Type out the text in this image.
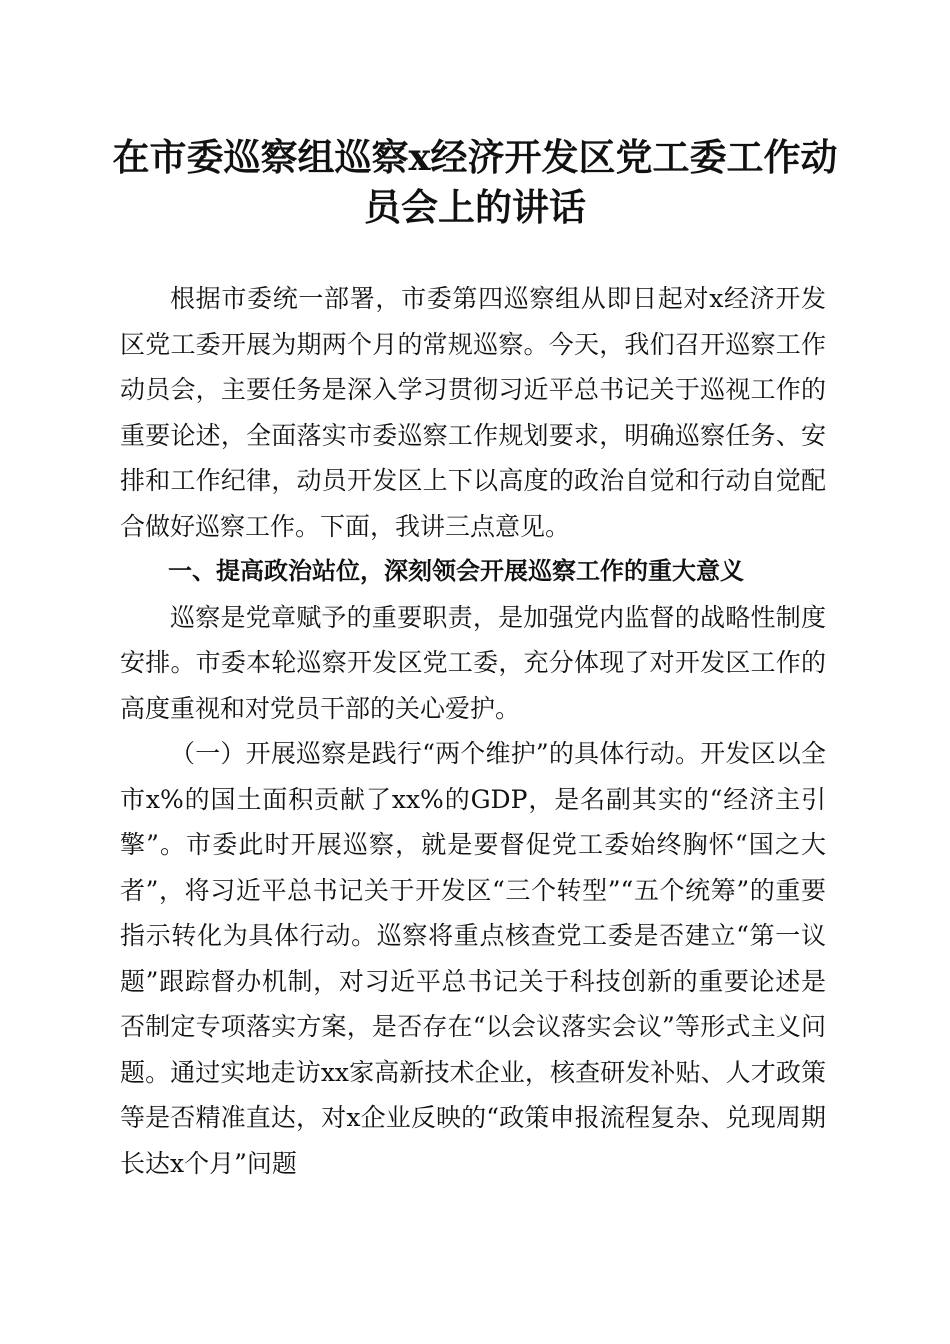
在市委巡察组巡察x经济开发区党工委工作动员会上的讲话

根据市委统一部署，市委第四巡察组从即日起对x经济开发区党工委开展为期两个月的常规巡察。今天，我们召开巡察工作动员会，主要任务是深入学习贯彻习近平总书记关于巡视工作的重要论述，全面落实市委巡察工作规划要求，明确巡察任务、安排和工作纪律，动员开发区上下以高度的政治自觉和行动自觉配合做好巡察工作。下面，我讲三点意见。

一、提高政治站位，深刻领会开展巡察工作的重大意义

巡察是党章赋予的重要职责，是加强党内监督的战略性制度安排。市委本轮巡察开发区党工委，充分体现了对开发区工作的高度重视和对党员干部的关心爱护。

（一）开展巡察是践行“两个维护”的具体行动。开发区以全市x%的国土面积贡献了xx%的GDP，是名副其实的“经济主引擎”。市委此时开展巡察，就是要督促党工委始终胸怀“国之大者”，将习近平总书记关于开发区“三个转型”“五个统筹”的重要指示转化为具体行动。巡察将重点核查党工委是否建立“第一议题”跟踪督办机制，对习近平总书记关于科技创新的重要论述是否制定专项落实方案，是否存在“以会议落实会议”等形式主义问题。通过实地走访xx家高新技术企业，核查研发补贴、人才政策等是否精准直达，对x企业反映的“政策申报流程复杂、兑现周期长达x个月”问题
